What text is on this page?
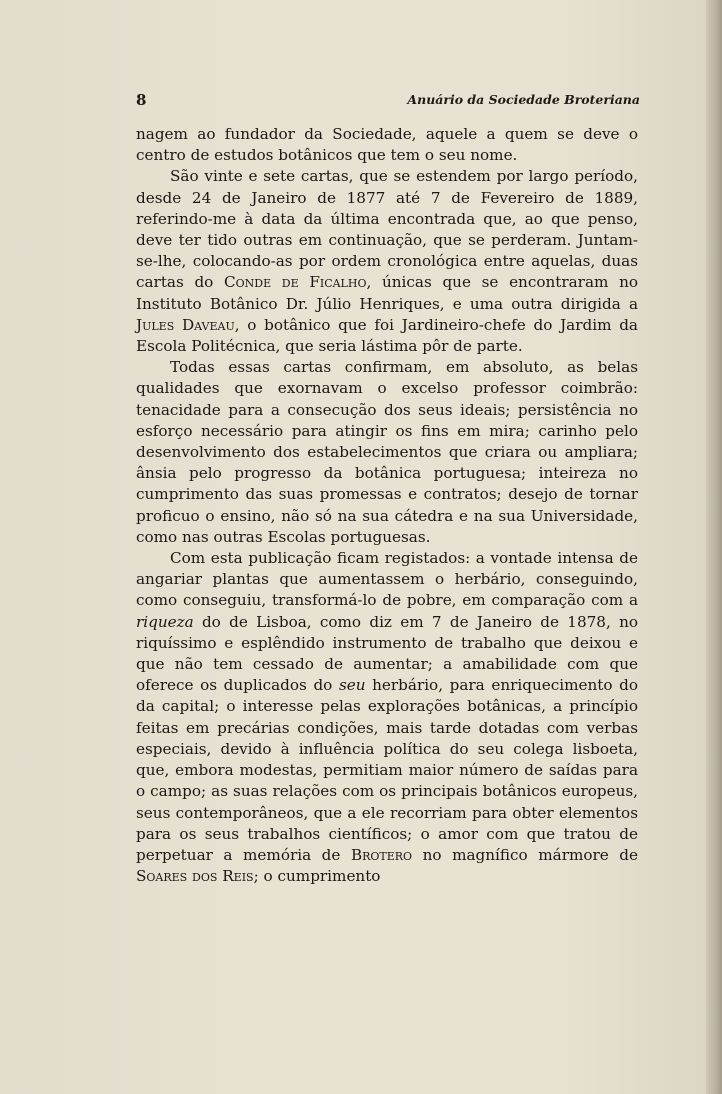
8	Anuário da Sociedade Broteriana

nagem ao fundador da Sociedade, aquele a quem se deve o centro de estudos botânicos que tem o seu nome.

São vinte e sete cartas, que se estendem por largo período, desde 24 de Janeiro de 1877 até 7 de Fevereiro de 1889, referindo-me à data da última encontrada que, ao que penso, deve ter tido outras em continuação, que se perderam. Juntam-se-lhe, colocando-as por ordem cronológica entre aquelas, duas cartas do Conde de Ficalho, únicas que se encontraram no Instituto Botânico Dr. Júlio Henriques, e uma outra dirigida a Jules Daveau, o botânico que foi Jardineiro-chefe do Jardim da Escola Politécnica, que seria lástima pôr de parte.

Todas essas cartas confirmam, em absoluto, as belas qualidades que exornavam o excelso professor coimbrão: tenacidade para a consecução dos seus ideais; persistência no esforço necessário para atingir os fins em mira; carinho pelo desenvolvimento dos estabelecimentos que criara ou ampliara; ânsia pelo progresso da botânica portuguesa; inteireza no cumprimento das suas promessas e contratos; desejo de tornar proficuo o ensino, não só na sua cátedra e na sua Universidade, como nas outras Escolas portuguesas.

Com esta publicação ficam registados: a vontade intensa de angariar plantas que aumentassem o herbário, conseguindo, como conseguiu, transformá-lo de pobre, em comparação com a riqueza do de Lisboa, como diz em 7 de Janeiro de 1878, no riquíssimo e esplêndido instrumento de trabalho que deixou e que não tem cessado de aumentar; a amabilidade com que oferece os duplicados do seu herbário, para enriquecimento do da capital; o interesse pelas explorações botânicas, a princípio feitas em precárias condições, mais tarde dotadas com verbas especiais, devido à influência política do seu colega lisboeta, que, embora modestas, permitiam maior número de saídas para o campo; as suas relações com os principais botânicos europeus, seus contemporâneos, que a ele recorriam para obter elementos para os seus trabalhos científicos; o amor com que tratou de perpetuar a memória de Brotero no magnífico mármore de Soares dos Reis; o cumprimento
